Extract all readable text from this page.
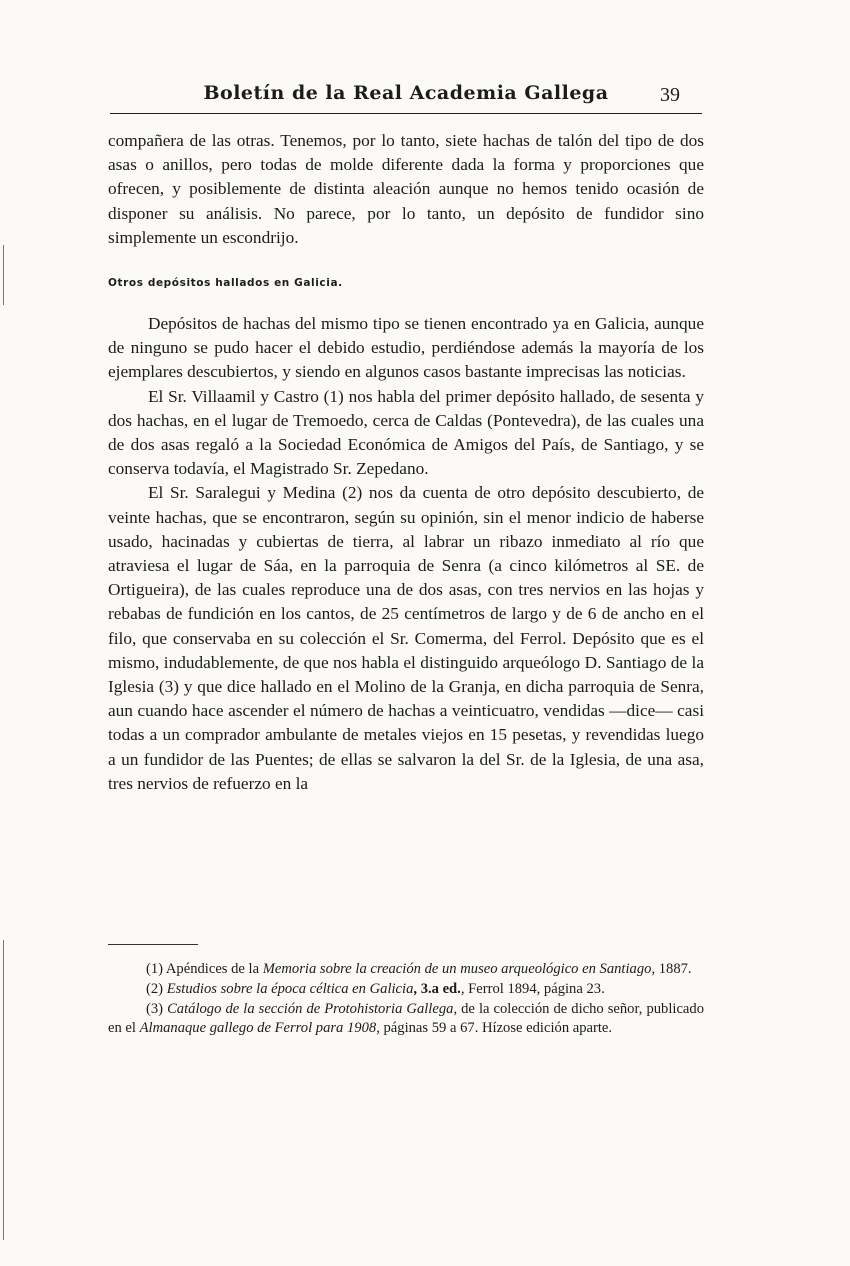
Boletín de la Real Academia Gallega	39

compañera de las otras. Tenemos, por lo tanto, siete hachas de talón del tipo de dos asas o anillos, pero todas de molde diferente dada la forma y proporciones que ofrecen, y posiblemente de distinta aleación aunque no hemos tenido ocasión de disponer su análisis. No parece, por lo tanto, un depósito de fundidor sino simplemente un escondrijo.

Otros depósitos hallados en Galicia.

Depósitos de hachas del mismo tipo se tienen encontrado ya en Galicia, aunque de ninguno se pudo hacer el debido estudio, perdiéndose además la mayoría de los ejemplares descubiertos, y siendo en algunos casos bastante imprecisas las noticias.

El Sr. Villaamil y Castro (1) nos habla del primer depósito hallado, de sesenta y dos hachas, en el lugar de Tremoedo, cerca de Caldas (Pontevedra), de las cuales una de dos asas regaló a la Sociedad Económica de Amigos del País, de Santiago, y se conserva todavía, el Magistrado Sr. Zepedano.

El Sr. Saralegui y Medina (2) nos da cuenta de otro depósito descubierto, de veinte hachas, que se encontraron, según su opinión, sin el menor indicio de haberse usado, hacinadas y cubiertas de tierra, al labrar un ribazo inmediato al río que atraviesa el lugar de Sáa, en la parroquia de Senra (a cinco kilómetros al SE. de Ortigueira), de las cuales reproduce una de dos asas, con tres nervios en las hojas y rebabas de fundición en los cantos, de 25 centímetros de largo y de 6 de ancho en el filo, que conservaba en su colección el Sr. Comerma, del Ferrol. Depósito que es el mismo, indudablemente, de que nos habla el distinguido arqueólogo D. Santiago de la Iglesia (3) y que dice hallado en el Molino de la Granja, en dicha parroquia de Senra, aun cuando hace ascender el número de hachas a veinticuatro, vendidas —dice— casi todas a un comprador ambulante de metales viejos en 15 pesetas, y revendidas luego a un fundidor de las Puentes; de ellas se salvaron la del Sr. de la Iglesia, de una asa, tres nervios de refuerzo en la

(1) Apéndices de la Memoria sobre la creación de un museo arqueológico en Santiago, 1887.

(2) Estudios sobre la época céltica en Galicia, 3.a ed., Ferrol 1894, página 23.

(3) Catálogo de la sección de Protohistoria Gallega, de la colección de dicho señor, publicado en el Almanaque gallego de Ferrol para 1908, páginas 59 a 67. Hízose edición aparte.
